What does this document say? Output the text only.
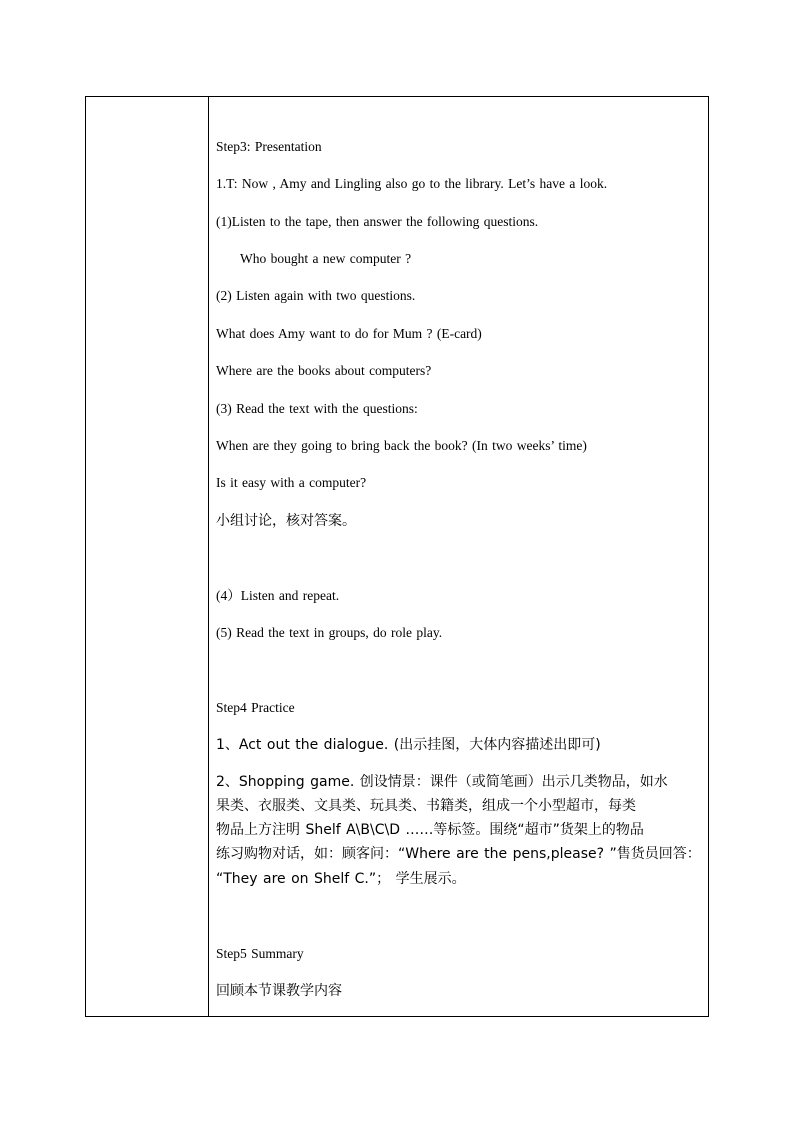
Step3: Presentation
1.T: Now , Amy and Lingling also go to the library. Let’s have a look.
(1)Listen to the tape, then answer the following questions.
Who bought a new computer ?
(2) Listen again with two questions.
What does Amy want to do for Mum ? (E-card)
Where are the books about computers?
(3) Read the text with the questions:
When are they going to bring back the book? (In two weeks’ time)
Is it easy with a computer?
小组讨论，核对答案。
(4）Listen and repeat.
(5) Read the text in groups, do role play.
Step4 Practice
1、Act out the dialogue. (出示挂图，大体内容描述出即可)
2、Shopping game. 创设情景：课件（或简笔画）出示几类物品，如水
果类、衣服类、文具类、玩具类、书籍类，组成一个小型超市，每类
物品上方注明 Shelf A\B\C\D ……等标签。围绕“超市”货架上的物品
练习购物对话，如：顾客问：“Where are the pens,please? ”售货员回答：
“They are on Shelf C.”； 学生展示。
Step5 Summary
回顾本节课教学内容
